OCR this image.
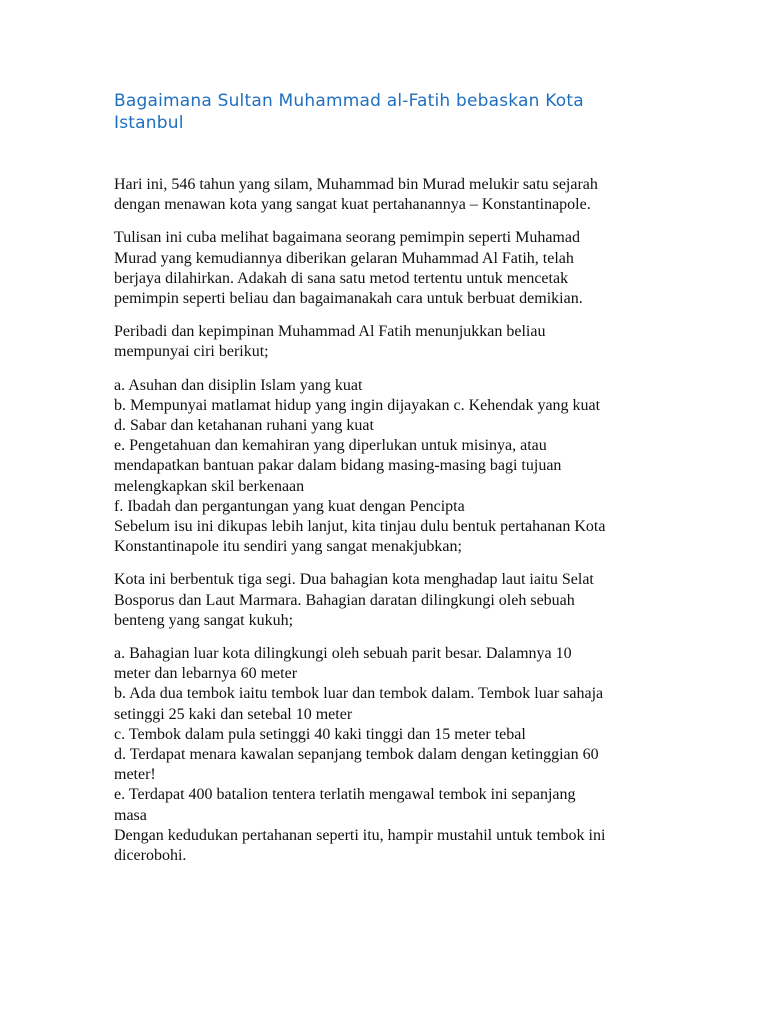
Bagaimana Sultan Muhammad al-Fatih bebaskan Kota
Istanbul

Hari ini, 546 tahun yang silam, Muhammad bin Murad melukir satu sejarah
dengan menawan kota yang sangat kuat pertahanannya – Konstantinapole.

Tulisan ini cuba melihat bagaimana seorang pemimpin seperti Muhamad
Murad yang kemudiannya diberikan gelaran Muhammad Al Fatih, telah
berjaya dilahirkan. Adakah di sana satu metod tertentu untuk mencetak
pemimpin seperti beliau dan bagaimanakah cara untuk berbuat demikian.

Peribadi dan kepimpinan Muhammad Al Fatih menunjukkan beliau
mempunyai ciri berikut;

a. Asuhan dan disiplin Islam yang kuat
b. Mempunyai matlamat hidup yang ingin dijayakan c. Kehendak yang kuat
d. Sabar dan ketahanan ruhani yang kuat
e. Pengetahuan dan kemahiran yang diperlukan untuk misinya, atau
mendapatkan bantuan pakar dalam bidang masing-masing bagi tujuan
melengkapkan skil berkenaan
f. Ibadah dan pergantungan yang kuat dengan Pencipta
Sebelum isu ini dikupas lebih lanjut, kita tinjau dulu bentuk pertahanan Kota
Konstantinapole itu sendiri yang sangat menakjubkan;

Kota ini berbentuk tiga segi. Dua bahagian kota menghadap laut iaitu Selat
Bosporus dan Laut Marmara. Bahagian daratan dilingkungi oleh sebuah
benteng yang sangat kukuh;

a. Bahagian luar kota dilingkungi oleh sebuah parit besar. Dalamnya 10
meter dan lebarnya 60 meter
b. Ada dua tembok iaitu tembok luar dan tembok dalam. Tembok luar sahaja
setinggi 25 kaki dan setebal 10 meter
c. Tembok dalam pula setinggi 40 kaki tinggi dan 15 meter tebal
d. Terdapat menara kawalan sepanjang tembok dalam dengan ketinggian 60
meter!
e. Terdapat 400 batalion tentera terlatih mengawal tembok ini sepanjang
masa
Dengan kedudukan pertahanan seperti itu, hampir mustahil untuk tembok ini
dicerobohi.
